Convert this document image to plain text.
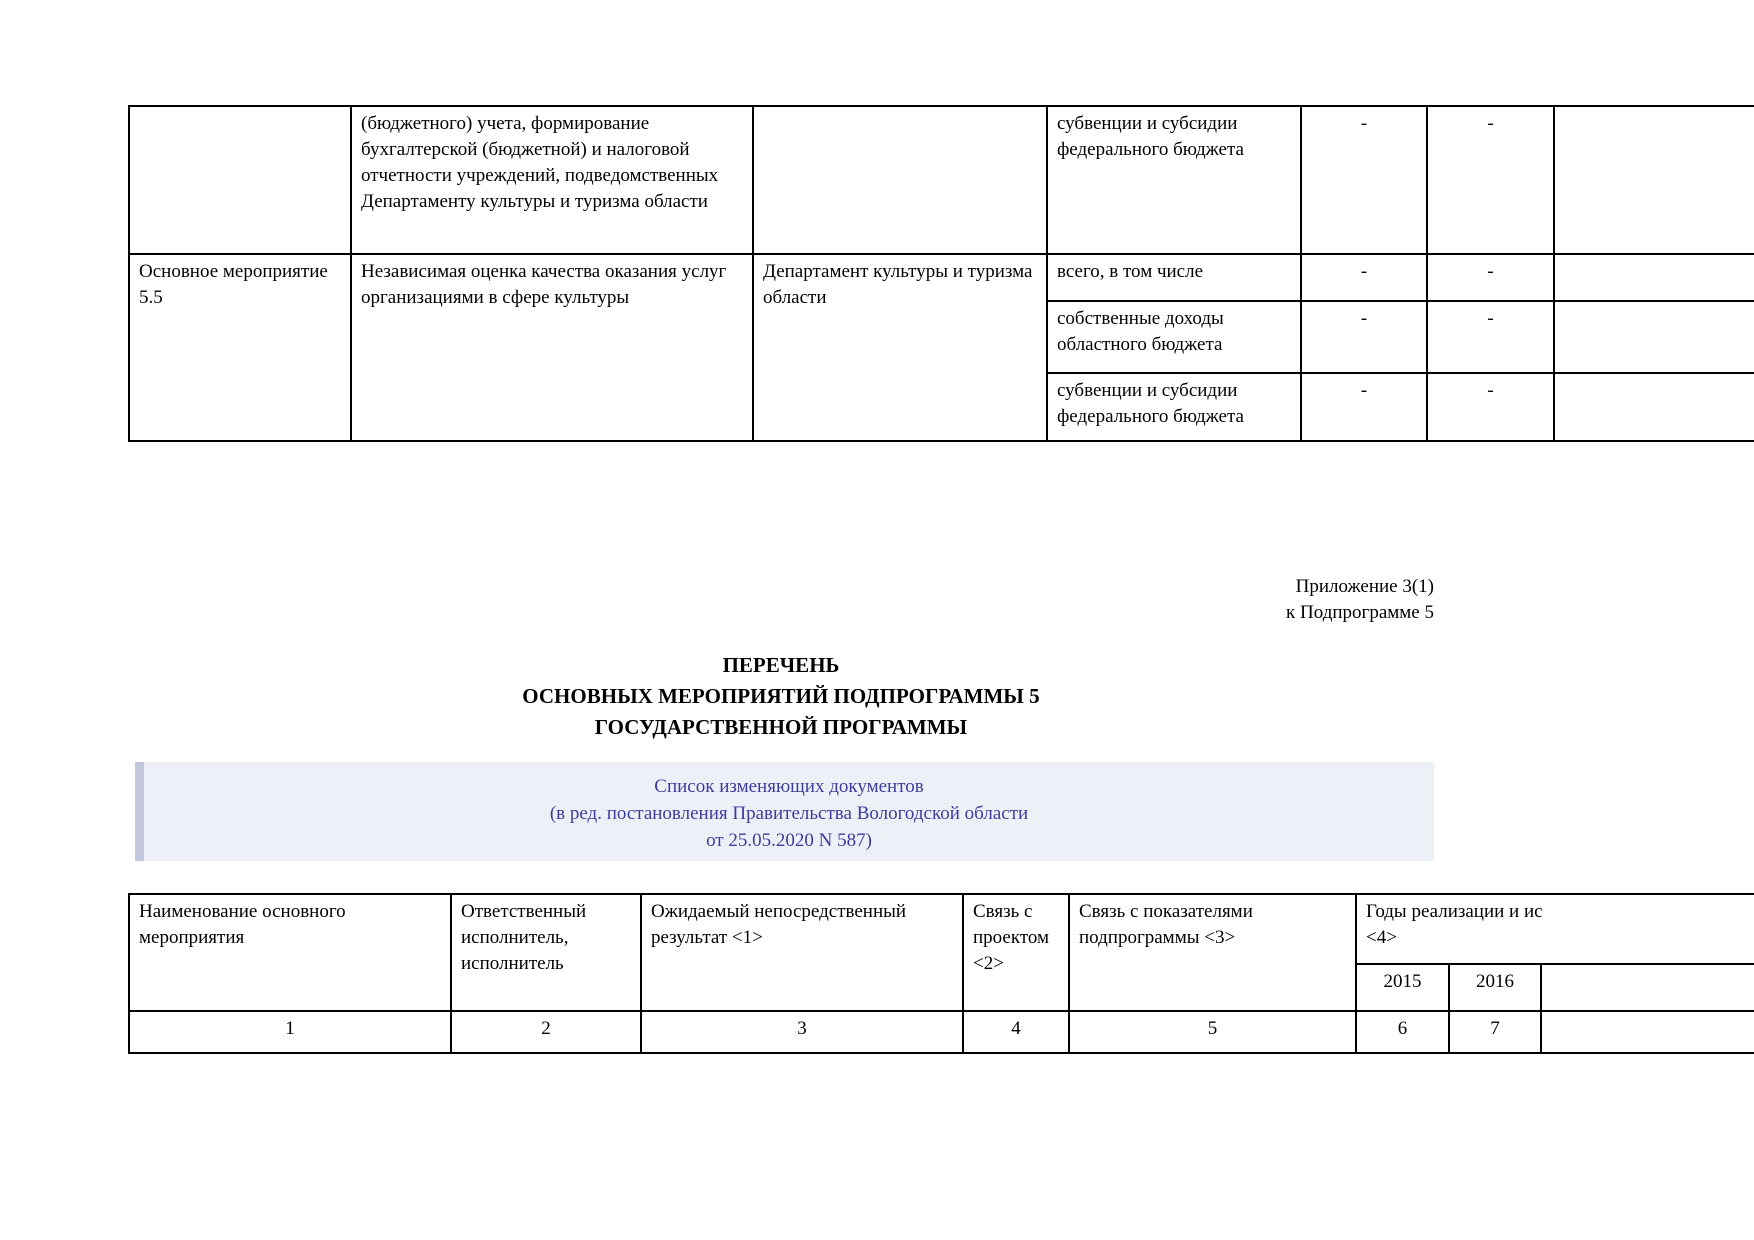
	(бюджетного) учета, формирование бухгалтерской (бюджетной) и налоговой отчетности учреждений, подведомственных Департаменту культуры и туризма области		субвенции и субсидии федерального бюджета	-	-	
Основное мероприятие 5.5	Независимая оценка качества оказания услуг организациями в сфере культуры	Департамент культуры и туризма области	всего, в том числе	-	-	
			собственные доходы областного бюджета	-	-	
			субвенции и субсидии федерального бюджета	-	-	
Приложение 3(1)
к Подпрограмме 5
ПЕРЕЧЕНЬ
ОСНОВНЫХ МЕРОПРИЯТИЙ ПОДПРОГРАММЫ 5
ГОСУДАРСТВЕННОЙ ПРОГРАММЫ
Список изменяющих документов
(в ред. постановления Правительства Вологодской области
от 25.05.2020 N 587)
Наименование основного мероприятия	Ответственный исполнитель, исполнитель	Ожидаемый непосредственный результат <1>	Связь с проектом <2>	Связь с показателями подпрограммы <3>	Годы реализации и ис
<4>		

					2015	2016	
1	2	3	4	5	6	7	
